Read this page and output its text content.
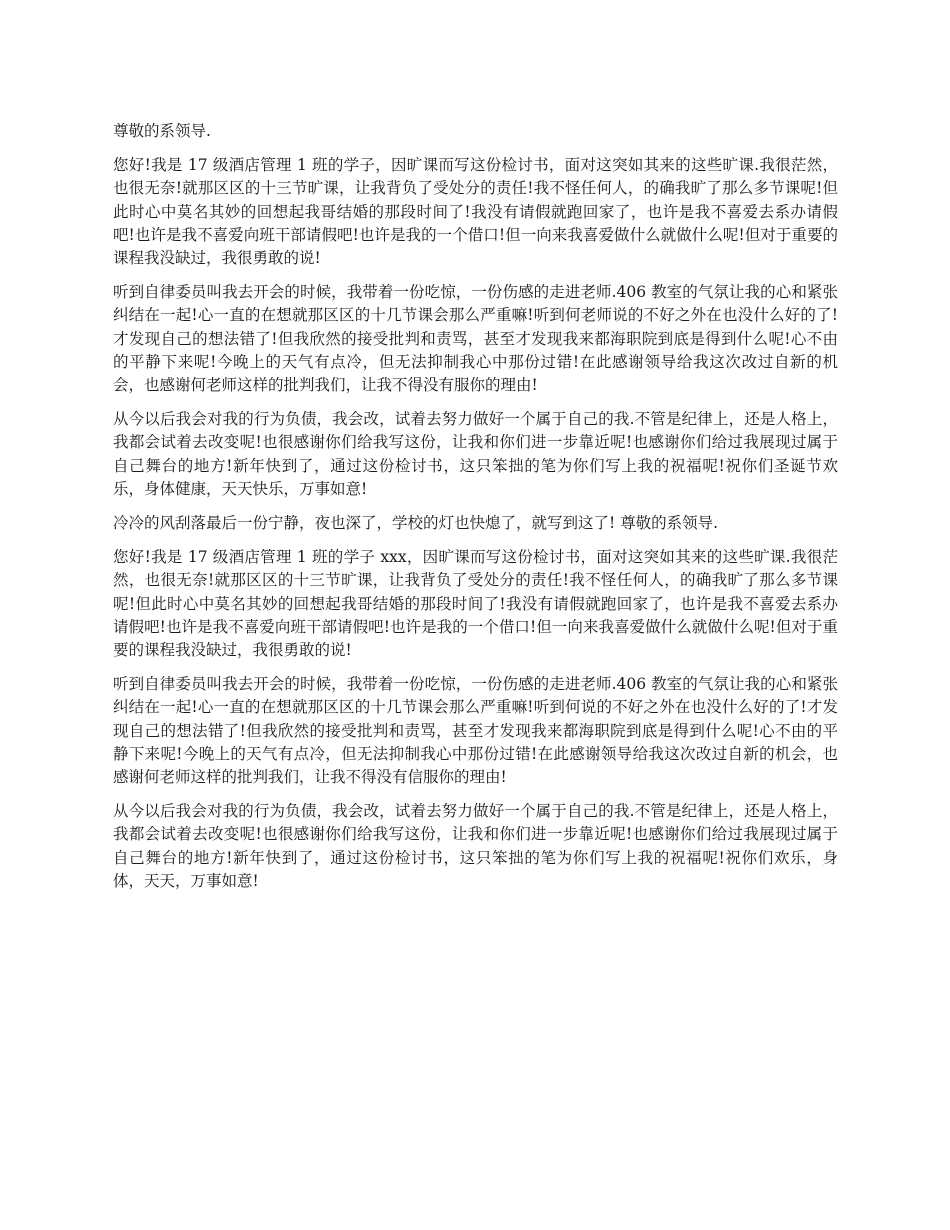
尊敬的系领导.

您好!我是 17 级酒店管理 1 班的学子，因旷课而写这份检讨书，面对这突如其来的这些旷课.我很茫然，也很无奈!就那区区的十三节旷课，让我背负了受处分的责任!我不怪任何人，的确我旷了那么多节课呢!但此时心中莫名其妙的回想起我哥结婚的那段时间了!我没有请假就跑回家了，也许是我不喜爱去系办请假吧!也许是我不喜爱向班干部请假吧!也许是我的一个借口!但一向来我喜爱做什么就做什么呢!但对于重要的课程我没缺过，我很勇敢的说!

听到自律委员叫我去开会的时候，我带着一份吃惊，一份伤感的走进老师.406 教室的气氛让我的心和紧张纠结在一起!心一直的在想就那区区的十几节课会那么严重嘛!听到何老师说的不好之外在也没什么好的了!才发现自己的想法错了!但我欣然的接受批判和责骂，甚至才发现我来都海职院到底是得到什么呢!心不由的平静下来呢!今晚上的天气有点冷，但无法抑制我心中那份过错!在此感谢领导给我这次改过自新的机会，也感谢何老师这样的批判我们，让我不得没有服你的理由!

从今以后我会对我的行为负债，我会改，试着去努力做好一个属于自己的我.不管是纪律上，还是人格上，我都会试着去改变呢!也很感谢你们给我写这份，让我和你们进一步靠近呢!也感谢你们给过我展现过属于自己舞台的地方!新年快到了，通过这份检讨书，这只笨拙的笔为你们写上我的祝福呢!祝你们圣诞节欢乐，身体健康，天天快乐，万事如意!

冷冷的风刮落最后一份宁静，夜也深了，学校的灯也快熄了，就写到这了! 尊敬的系领导.

您好!我是 17 级酒店管理 1 班的学子 xxx，因旷课而写这份检讨书，面对这突如其来的这些旷课.我很茫然，也很无奈!就那区区的十三节旷课，让我背负了受处分的责任!我不怪任何人，的确我旷了那么多节课呢!但此时心中莫名其妙的回想起我哥结婚的那段时间了!我没有请假就跑回家了，也许是我不喜爱去系办请假吧!也许是我不喜爱向班干部请假吧!也许是我的一个借口!但一向来我喜爱做什么就做什么呢!但对于重要的课程我没缺过，我很勇敢的说!

听到自律委员叫我去开会的时候，我带着一份吃惊，一份伤感的走进老师.406 教室的气氛让我的心和紧张纠结在一起!心一直的在想就那区区的十几节课会那么严重嘛!听到何说的不好之外在也没什么好的了!才发现自己的想法错了!但我欣然的接受批判和责骂，甚至才发现我来都海职院到底是得到什么呢!心不由的平静下来呢!今晚上的天气有点冷，但无法抑制我心中那份过错!在此感谢领导给我这次改过自新的机会，也感谢何老师这样的批判我们，让我不得没有信服你的理由!

从今以后我会对我的行为负债，我会改，试着去努力做好一个属于自己的我.不管是纪律上，还是人格上，我都会试着去改变呢!也很感谢你们给我写这份，让我和你们进一步靠近呢!也感谢你们给过我展现过属于自己舞台的地方!新年快到了，通过这份检讨书，这只笨拙的笔为你们写上我的祝福呢!祝你们欢乐，身体，天天，万事如意!
